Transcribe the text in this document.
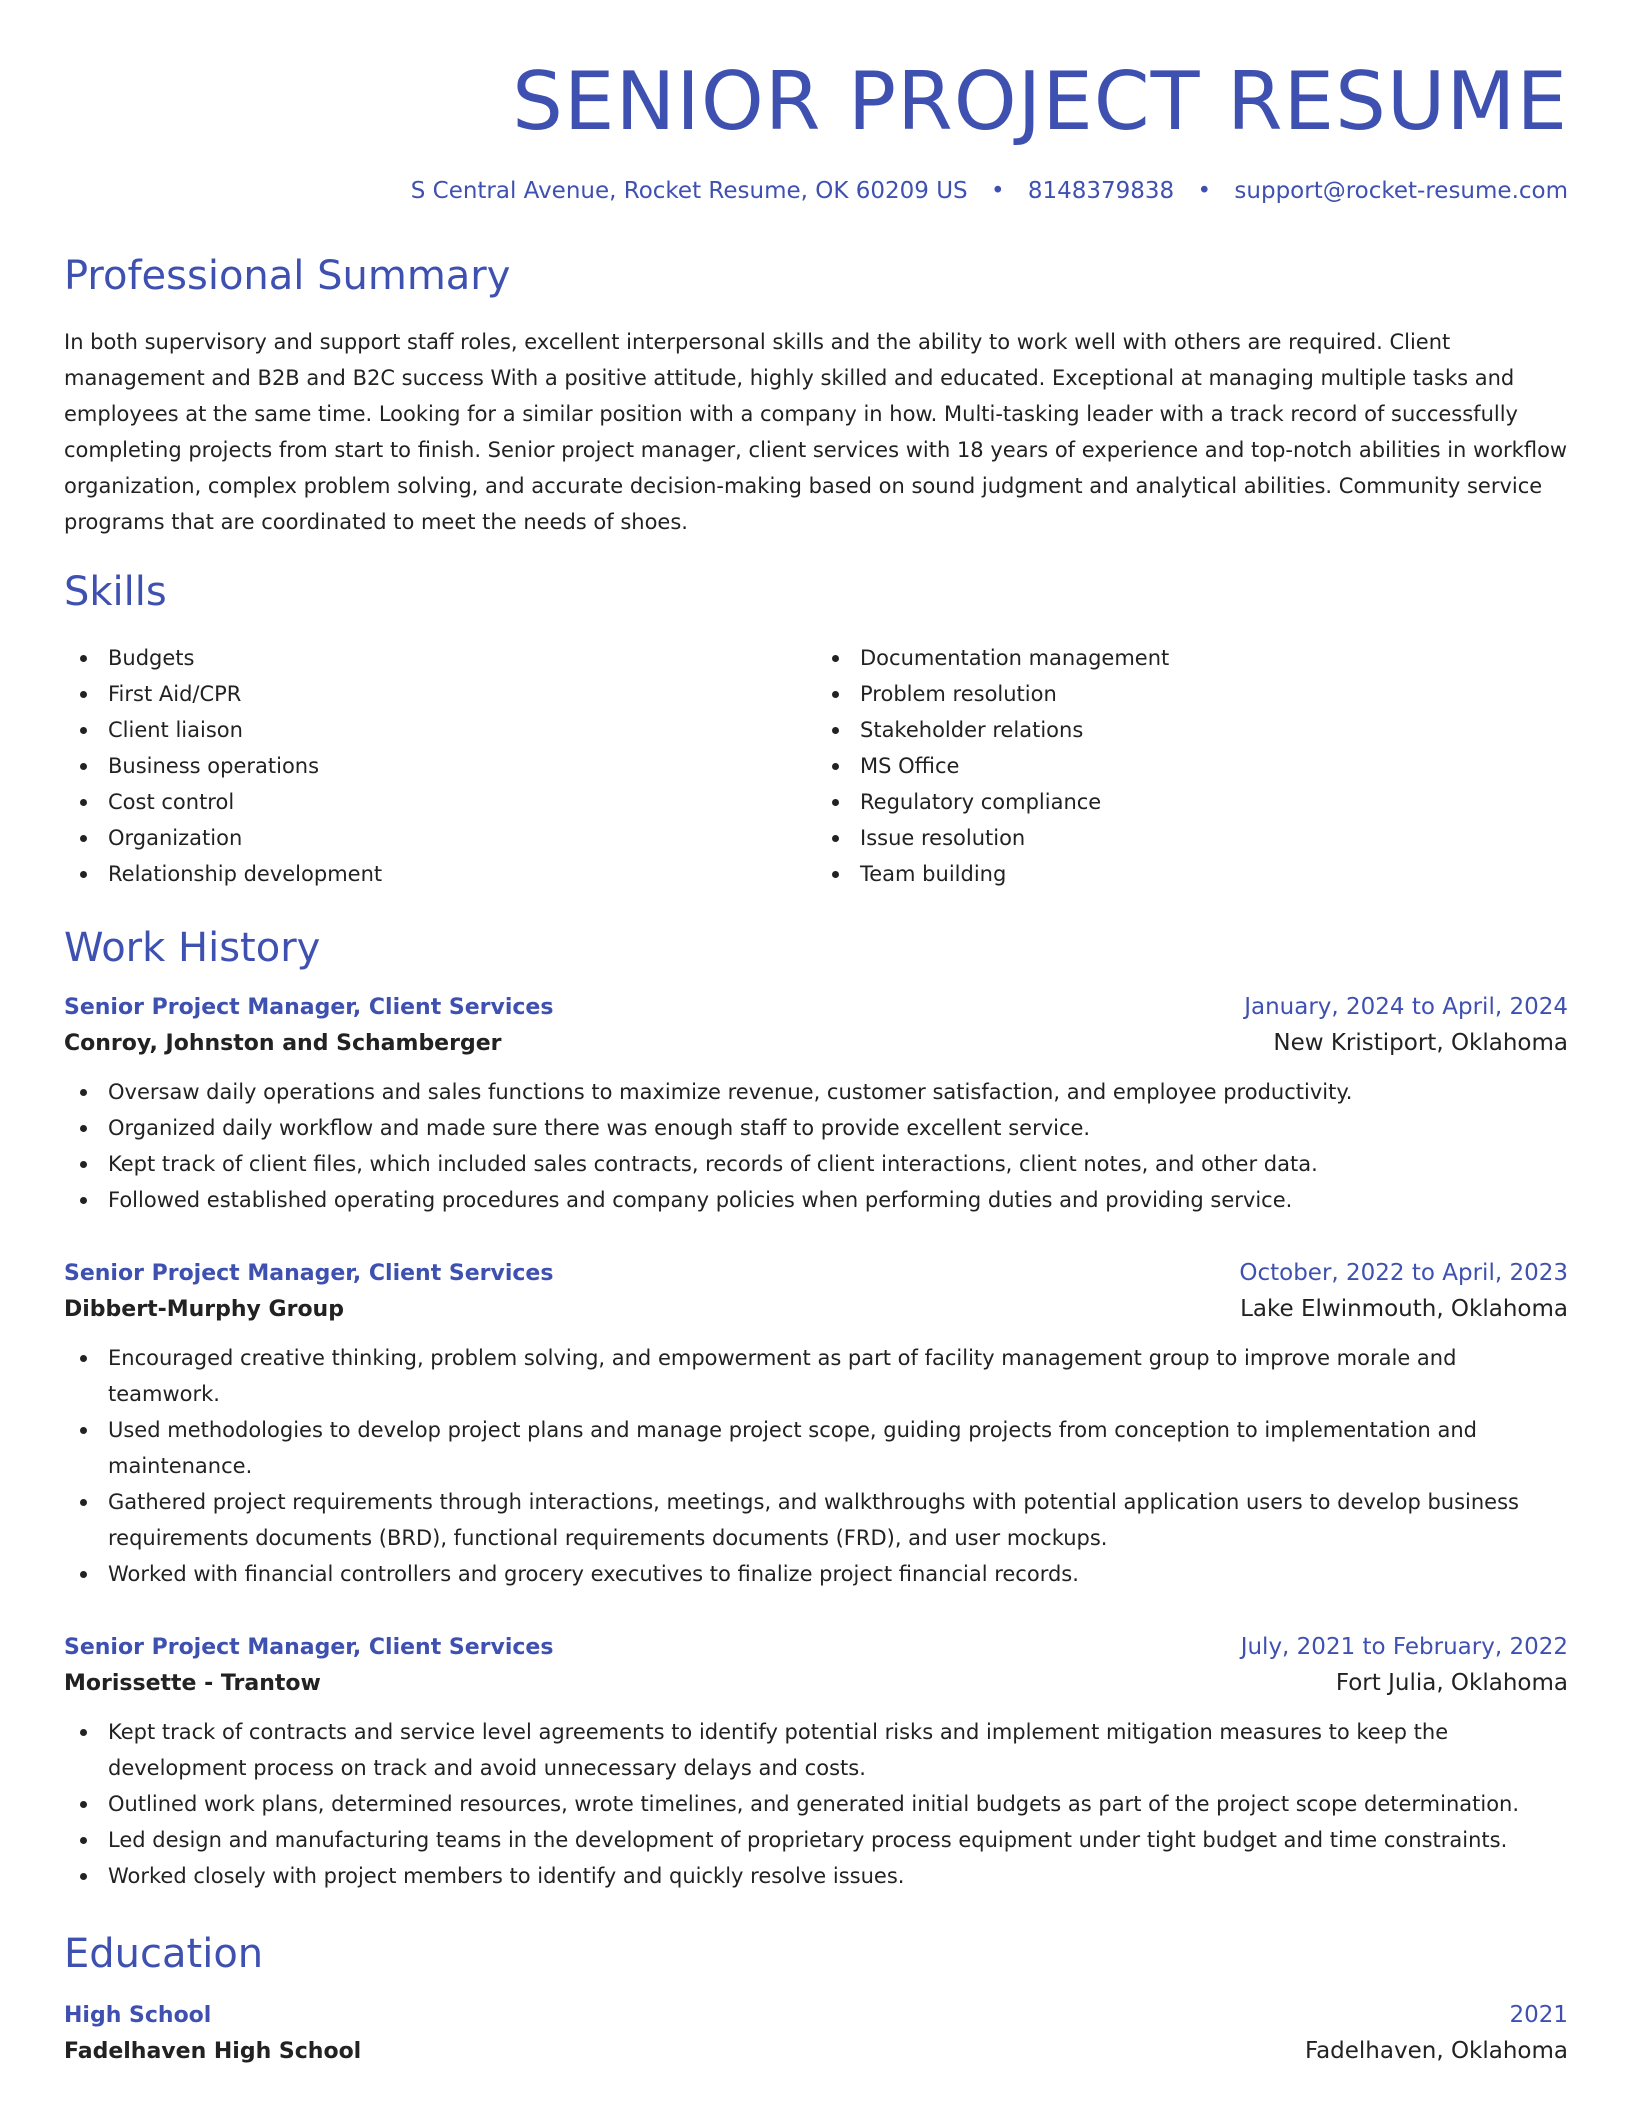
SENIOR PROJECT RESUME
S Central Avenue, Rocket Resume, OK 60209 US • 8148379838 • support@rocket-resume.com
Professional Summary

In both supervisory and support staff roles, excellent interpersonal skills and the ability to work well with others are required. Client management and B2B and B2C success With a positive attitude, highly skilled and educated. Exceptional at managing multiple tasks and employees at the same time. Looking for a similar position with a company in how. Multi-tasking leader with a track record of successfully completing projects from start to finish. Senior project manager, client services with 18 years of experience and top-notch abilities in workflow organization, complex problem solving, and accurate decision-making based on sound judgment and analytical abilities. Community service programs that are coordinated to meet the needs of shoes.

Skills
Budgets
First Aid/CPR
Client liaison
Business operations
Cost control
Organization
Relationship development
Documentation management
Problem resolution
Stakeholder relations
MS Office
Regulatory compliance
Issue resolution
Team building
Work History
Senior Project Manager, Client Services	January, 2024 to April, 2024
Conroy, Johnston and Schamberger	New Kristiport, Oklahoma
Oversaw daily operations and sales functions to maximize revenue, customer satisfaction, and employee productivity.
Organized daily workflow and made sure there was enough staff to provide excellent service.
Kept track of client files, which included sales contracts, records of client interactions, client notes, and other data.
Followed established operating procedures and company policies when performing duties and providing service.
Senior Project Manager, Client Services	October, 2022 to April, 2023
Dibbert-Murphy Group	Lake Elwinmouth, Oklahoma
Encouraged creative thinking, problem solving, and empowerment as part of facility management group to improve morale and teamwork.
Used methodologies to develop project plans and manage project scope, guiding projects from conception to implementation and maintenance.
Gathered project requirements through interactions, meetings, and walkthroughs with potential application users to develop business requirements documents (BRD), functional requirements documents (FRD), and user mockups.
Worked with financial controllers and grocery executives to finalize project financial records.
Senior Project Manager, Client Services	July, 2021 to February, 2022
Morissette - Trantow	Fort Julia, Oklahoma
Kept track of contracts and service level agreements to identify potential risks and implement mitigation measures to keep the development process on track and avoid unnecessary delays and costs.
Outlined work plans, determined resources, wrote timelines, and generated initial budgets as part of the project scope determination.
Led design and manufacturing teams in the development of proprietary process equipment under tight budget and time constraints.
Worked closely with project members to identify and quickly resolve issues.
Education
High School	2021
Fadelhaven High School	Fadelhaven, Oklahoma
